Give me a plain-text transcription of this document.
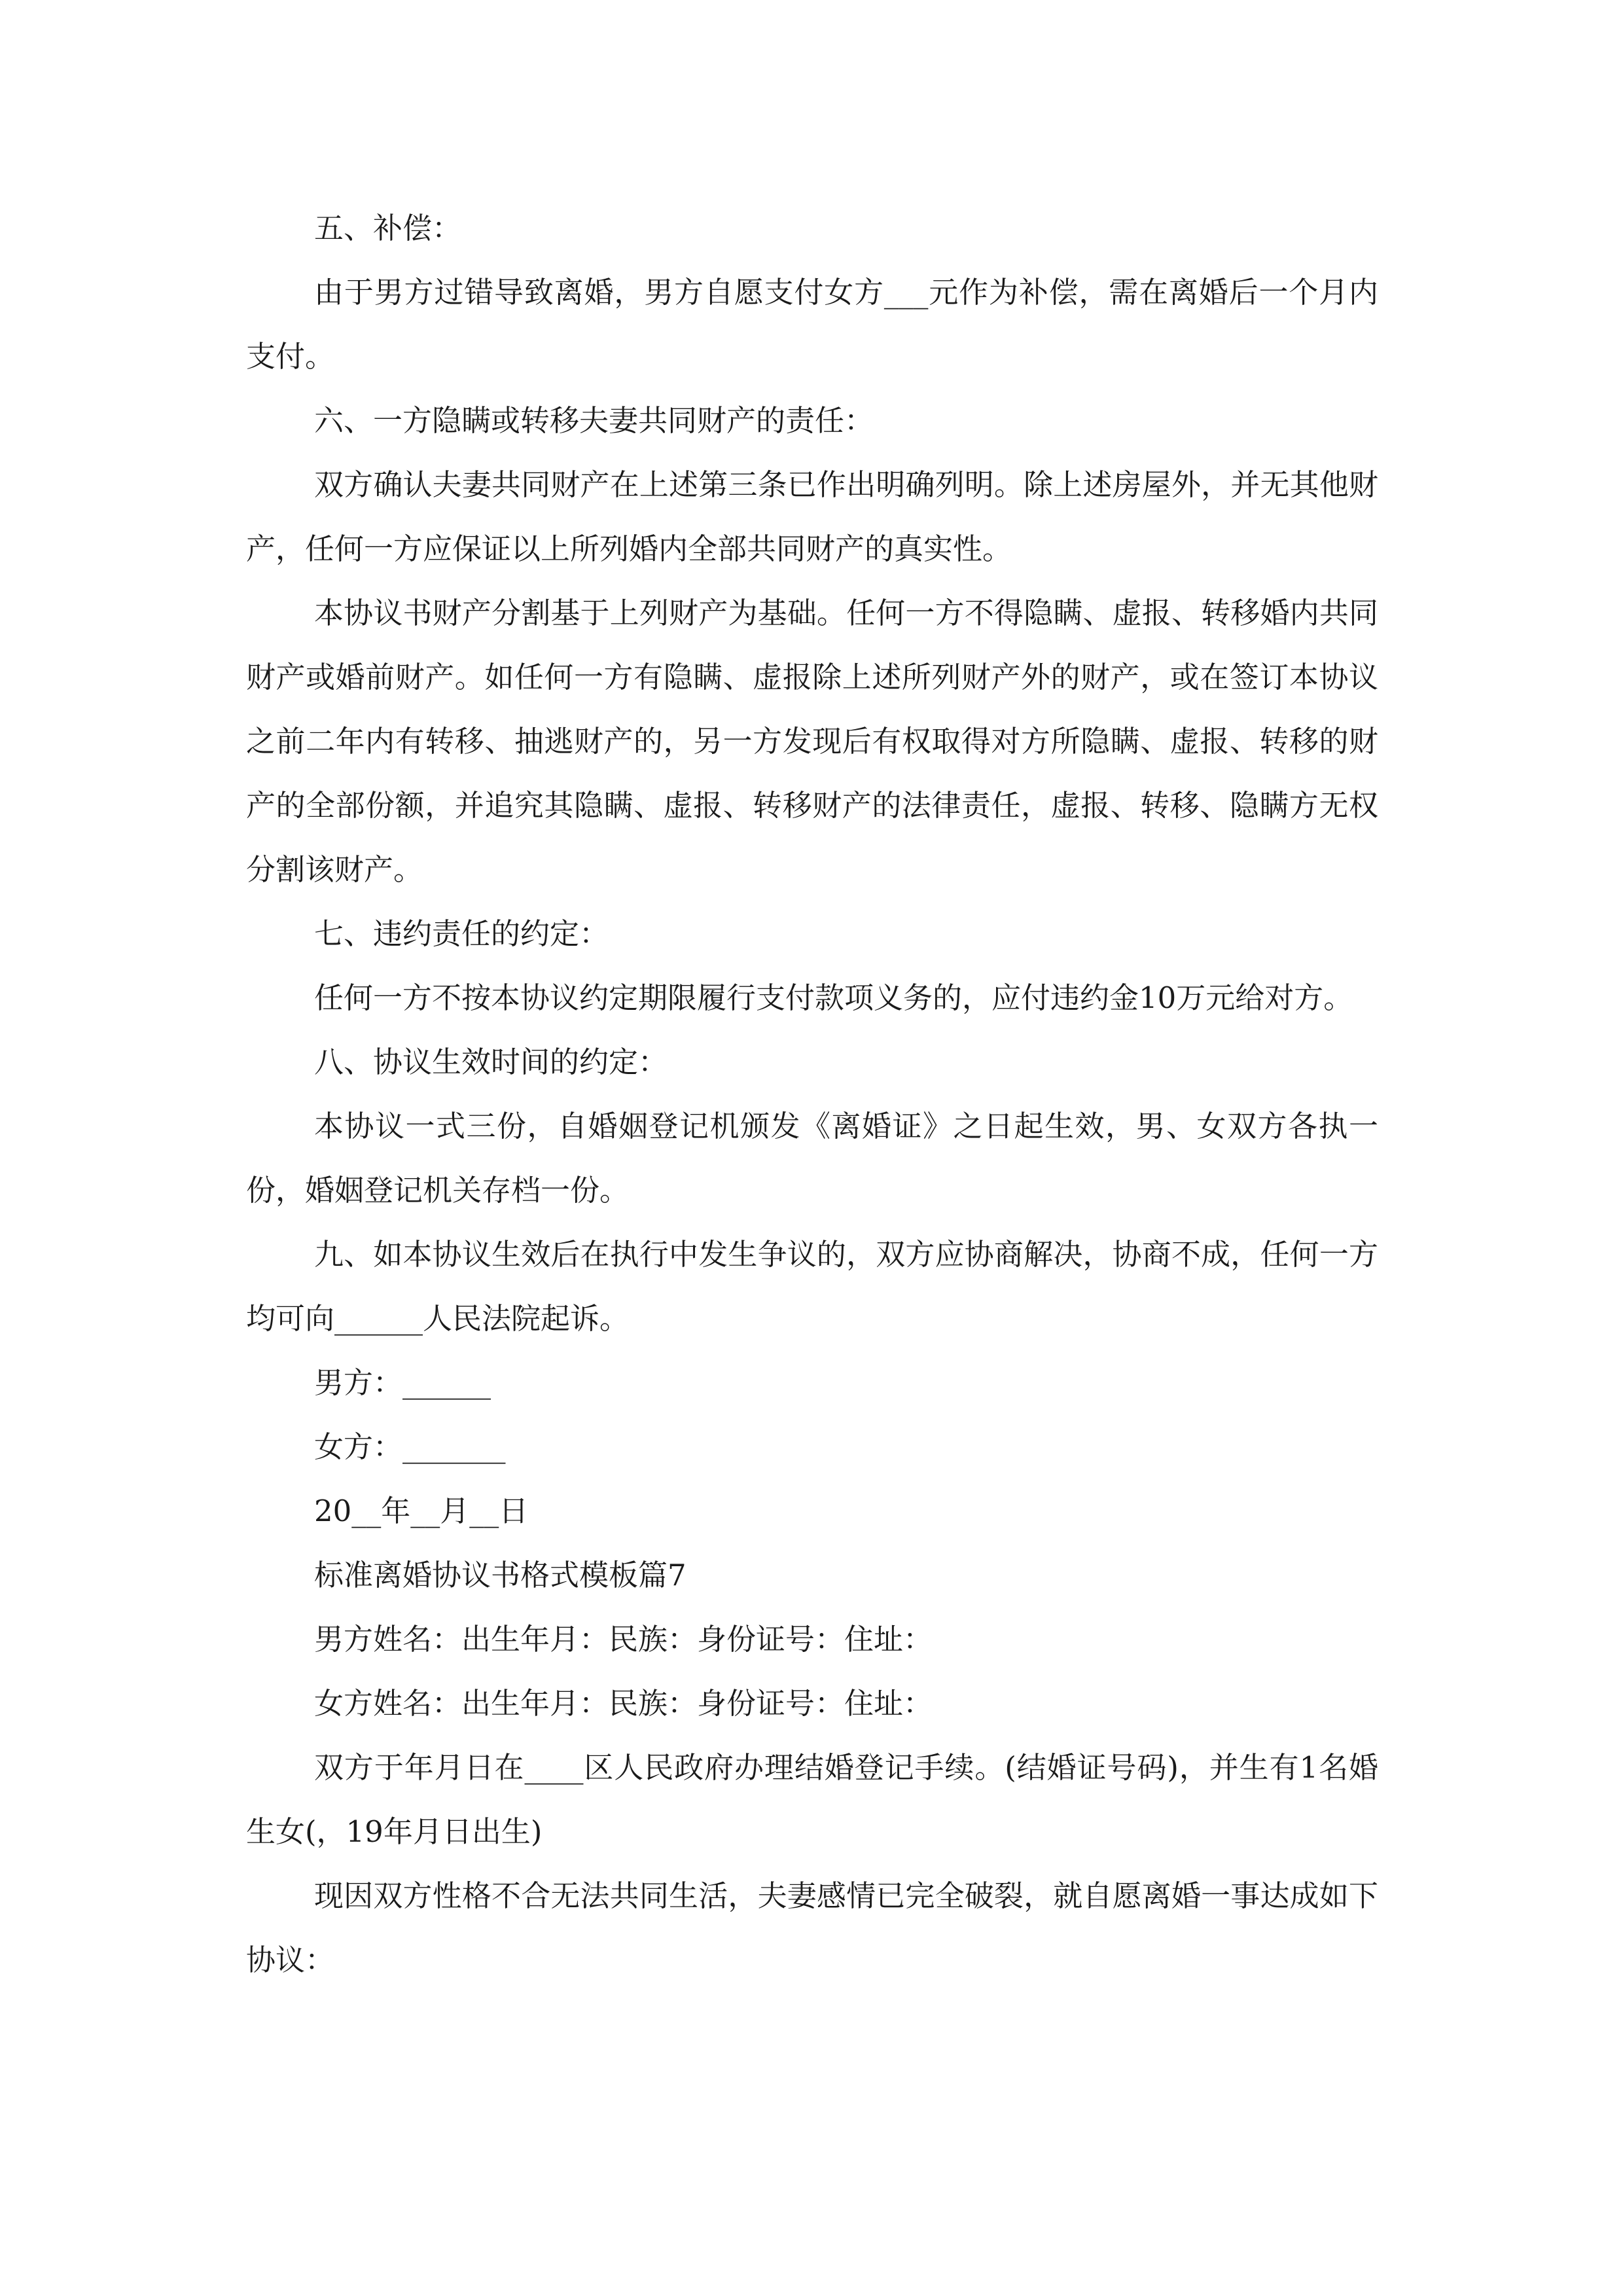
五、补偿：

由于男方过错导致离婚，男方自愿支付女方___元作为补偿，需在离婚后一个月内支付。

六、一方隐瞒或转移夫妻共同财产的责任：

双方确认夫妻共同财产在上述第三条已作出明确列明。除上述房屋外，并无其他财产，任何一方应保证以上所列婚内全部共同财产的真实性。

本协议书财产分割基于上列财产为基础。任何一方不得隐瞒、虚报、转移婚内共同财产或婚前财产。如任何一方有隐瞒、虚报除上述所列财产外的财产，或在签订本协议之前二年内有转移、抽逃财产的，另一方发现后有权取得对方所隐瞒、虚报、转移的财产的全部份额，并追究其隐瞒、虚报、转移财产的法律责任，虚报、转移、隐瞒方无权分割该财产。

七、违约责任的约定：

任何一方不按本协议约定期限履行支付款项义务的，应付违约金10万元给对方。

八、协议生效时间的约定：

本协议一式三份，自婚姻登记机颁发《离婚证》之日起生效，男、女双方各执一份，婚姻登记机关存档一份。

九、如本协议生效后在执行中发生争议的，双方应协商解决，协商不成，任何一方均可向______人民法院起诉。

男方：______

女方：_______

20__年__月__日

标准离婚协议书格式模板篇7

男方姓名：出生年月：民族：身份证号：住址：

女方姓名：出生年月：民族：身份证号：住址：

双方于年月日在____区人民政府办理结婚登记手续。(结婚证号码)，并生有1名婚生女(，19年月日出生)

现因双方性格不合无法共同生活，夫妻感情已完全破裂，就自愿离婚一事达成如下协议：
